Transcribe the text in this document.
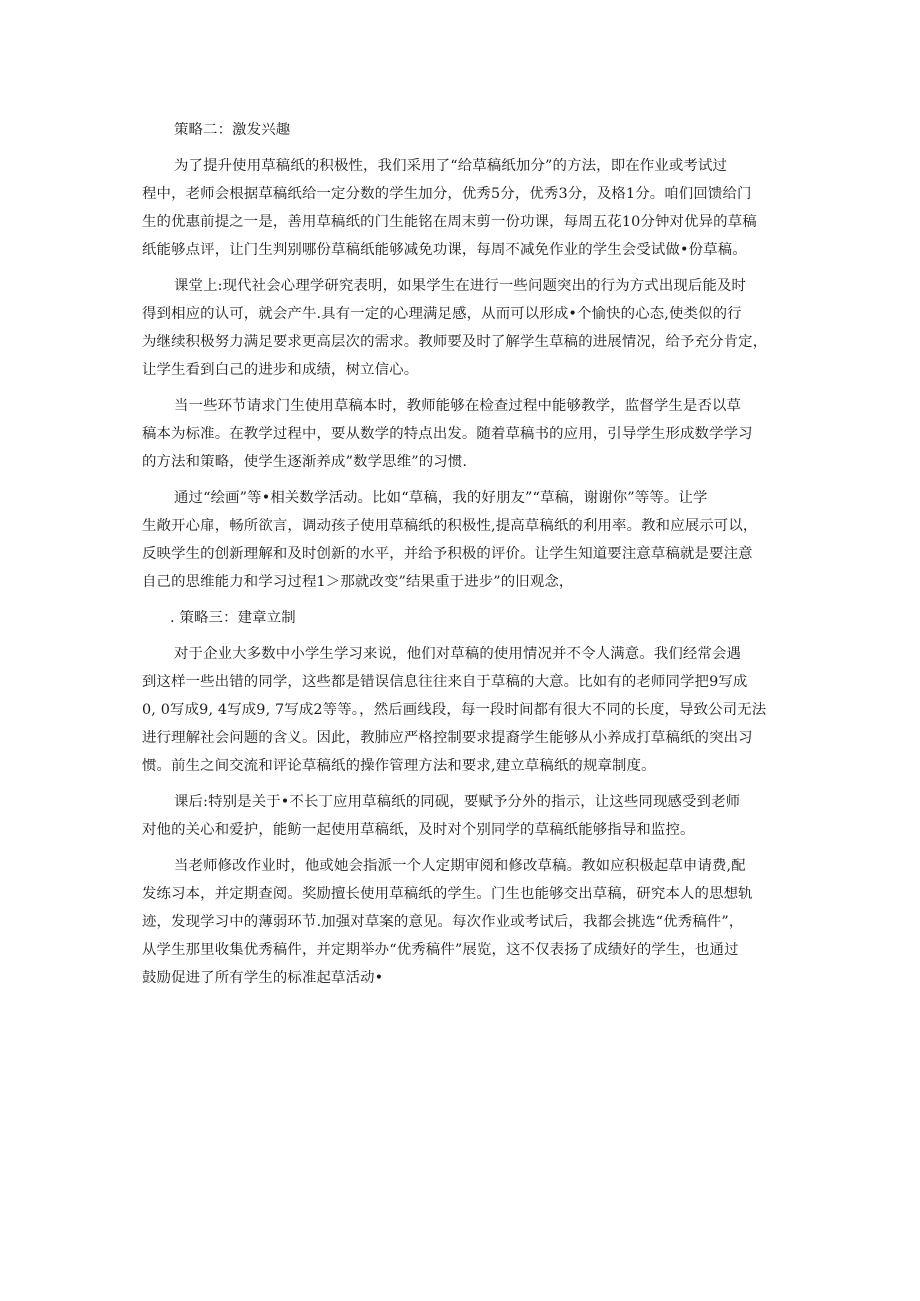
策略二：激发兴趣
为了提升使用草稿纸的积极性，我们采用了“给草稿纸加分”的方法，即在作业或考试过
程中，老师会根据草稿纸给一定分数的学生加分，优秀5分，优秀3分，及格1分。咱们回馈给门
生的优惠前提之一是，善用草稿纸的门生能铭在周末剪一份功课，每周五花10分钟对优异的草稿
纸能够点评，让门生判别哪份草稿纸能够减免功课，每周不减免作业的学生会受试做•份草稿。
课堂上:现代社会心理学研究表明，如果学生在进行一些问题突出的行为方式出现后能及时
得到相应的认可，就会产牛.具有一定的心理满足感，从而可以形成•个愉快的心态,使类似的行
为继续积极努力满足要求更高层次的需求。教师要及时了解学生草稿的进展情况，给予充分肯定，
让学生看到白己的进步和成绩，树立信心。
当一些环节请求门生使用草稿本时，教师能够在检查过程中能够教学，监督学生是否以草
稿本为标准。在教学过程中，要从数学的特点出发。随着草稿书的应用，引导学生形成数学学习
的方法和策略，使学生逐渐养成”数学思维”的习惯.
通过“绘画”等•相关数学活动。比如“草稿，我的好朋友”“草稿，谢谢你”等等。让学
生敞开心扉，畅所欲言，调动孩子使用草稿纸的积极性,提高草稿纸的利用率。教和应展示可以，
反映学生的创新理解和及时创新的水平，并给予积极的评价。让学生知道要注意草稿就是要注意
自己的思维能力和学习过程1＞那就改变”结果重于进步”的旧观念，
. 策略三：建章立制
对于企业大多数中小学生学习来说，他们对草稿的使用情况并不令人满意。我们经常会遇
到这样一些出错的同学，这些都是错误信息往往来自于草稿的大意。比如有的老师同学把9写成
0, 0写成9, 4写成9, 7写成2等等。，然后画线段，每一段时间都有很大不同的长度，导致公司无法
进行理解社会问题的含义。因此，教肺应严格控制要求提裔学生能够从小养成打草稿纸的突出习
惯。前生之间交流和评论草稿纸的操作管理方法和要求,建立草稿纸的规章制度。
课后:特别是关于•不长丁应用草稿纸的同砚，要赋予分外的指示，让这些同现感受到老师
对他的关心和爱护，能鲂一起使用草稿纸，及时对个别同学的草稿纸能够指导和监控。
当老师修改作业时，他或她会指派一个人定期审阅和修改草稿。教如应积极起草申请费,配
发练习本，并定期查阅。奖励擅长使用草稿纸的学生。门生也能够交出草稿，研究本人的思想轨
迹，发现学习中的薄弱环节.加强对草案的意见。每次作业或考试后，我都会挑选“优秀稿件”，
从学生那里收集优秀稿件，并定期举办“优秀稿件”展览，这不仅表扬了成绩好的学生，也通过
鼓励促进了所有学生的标准起草活动•
